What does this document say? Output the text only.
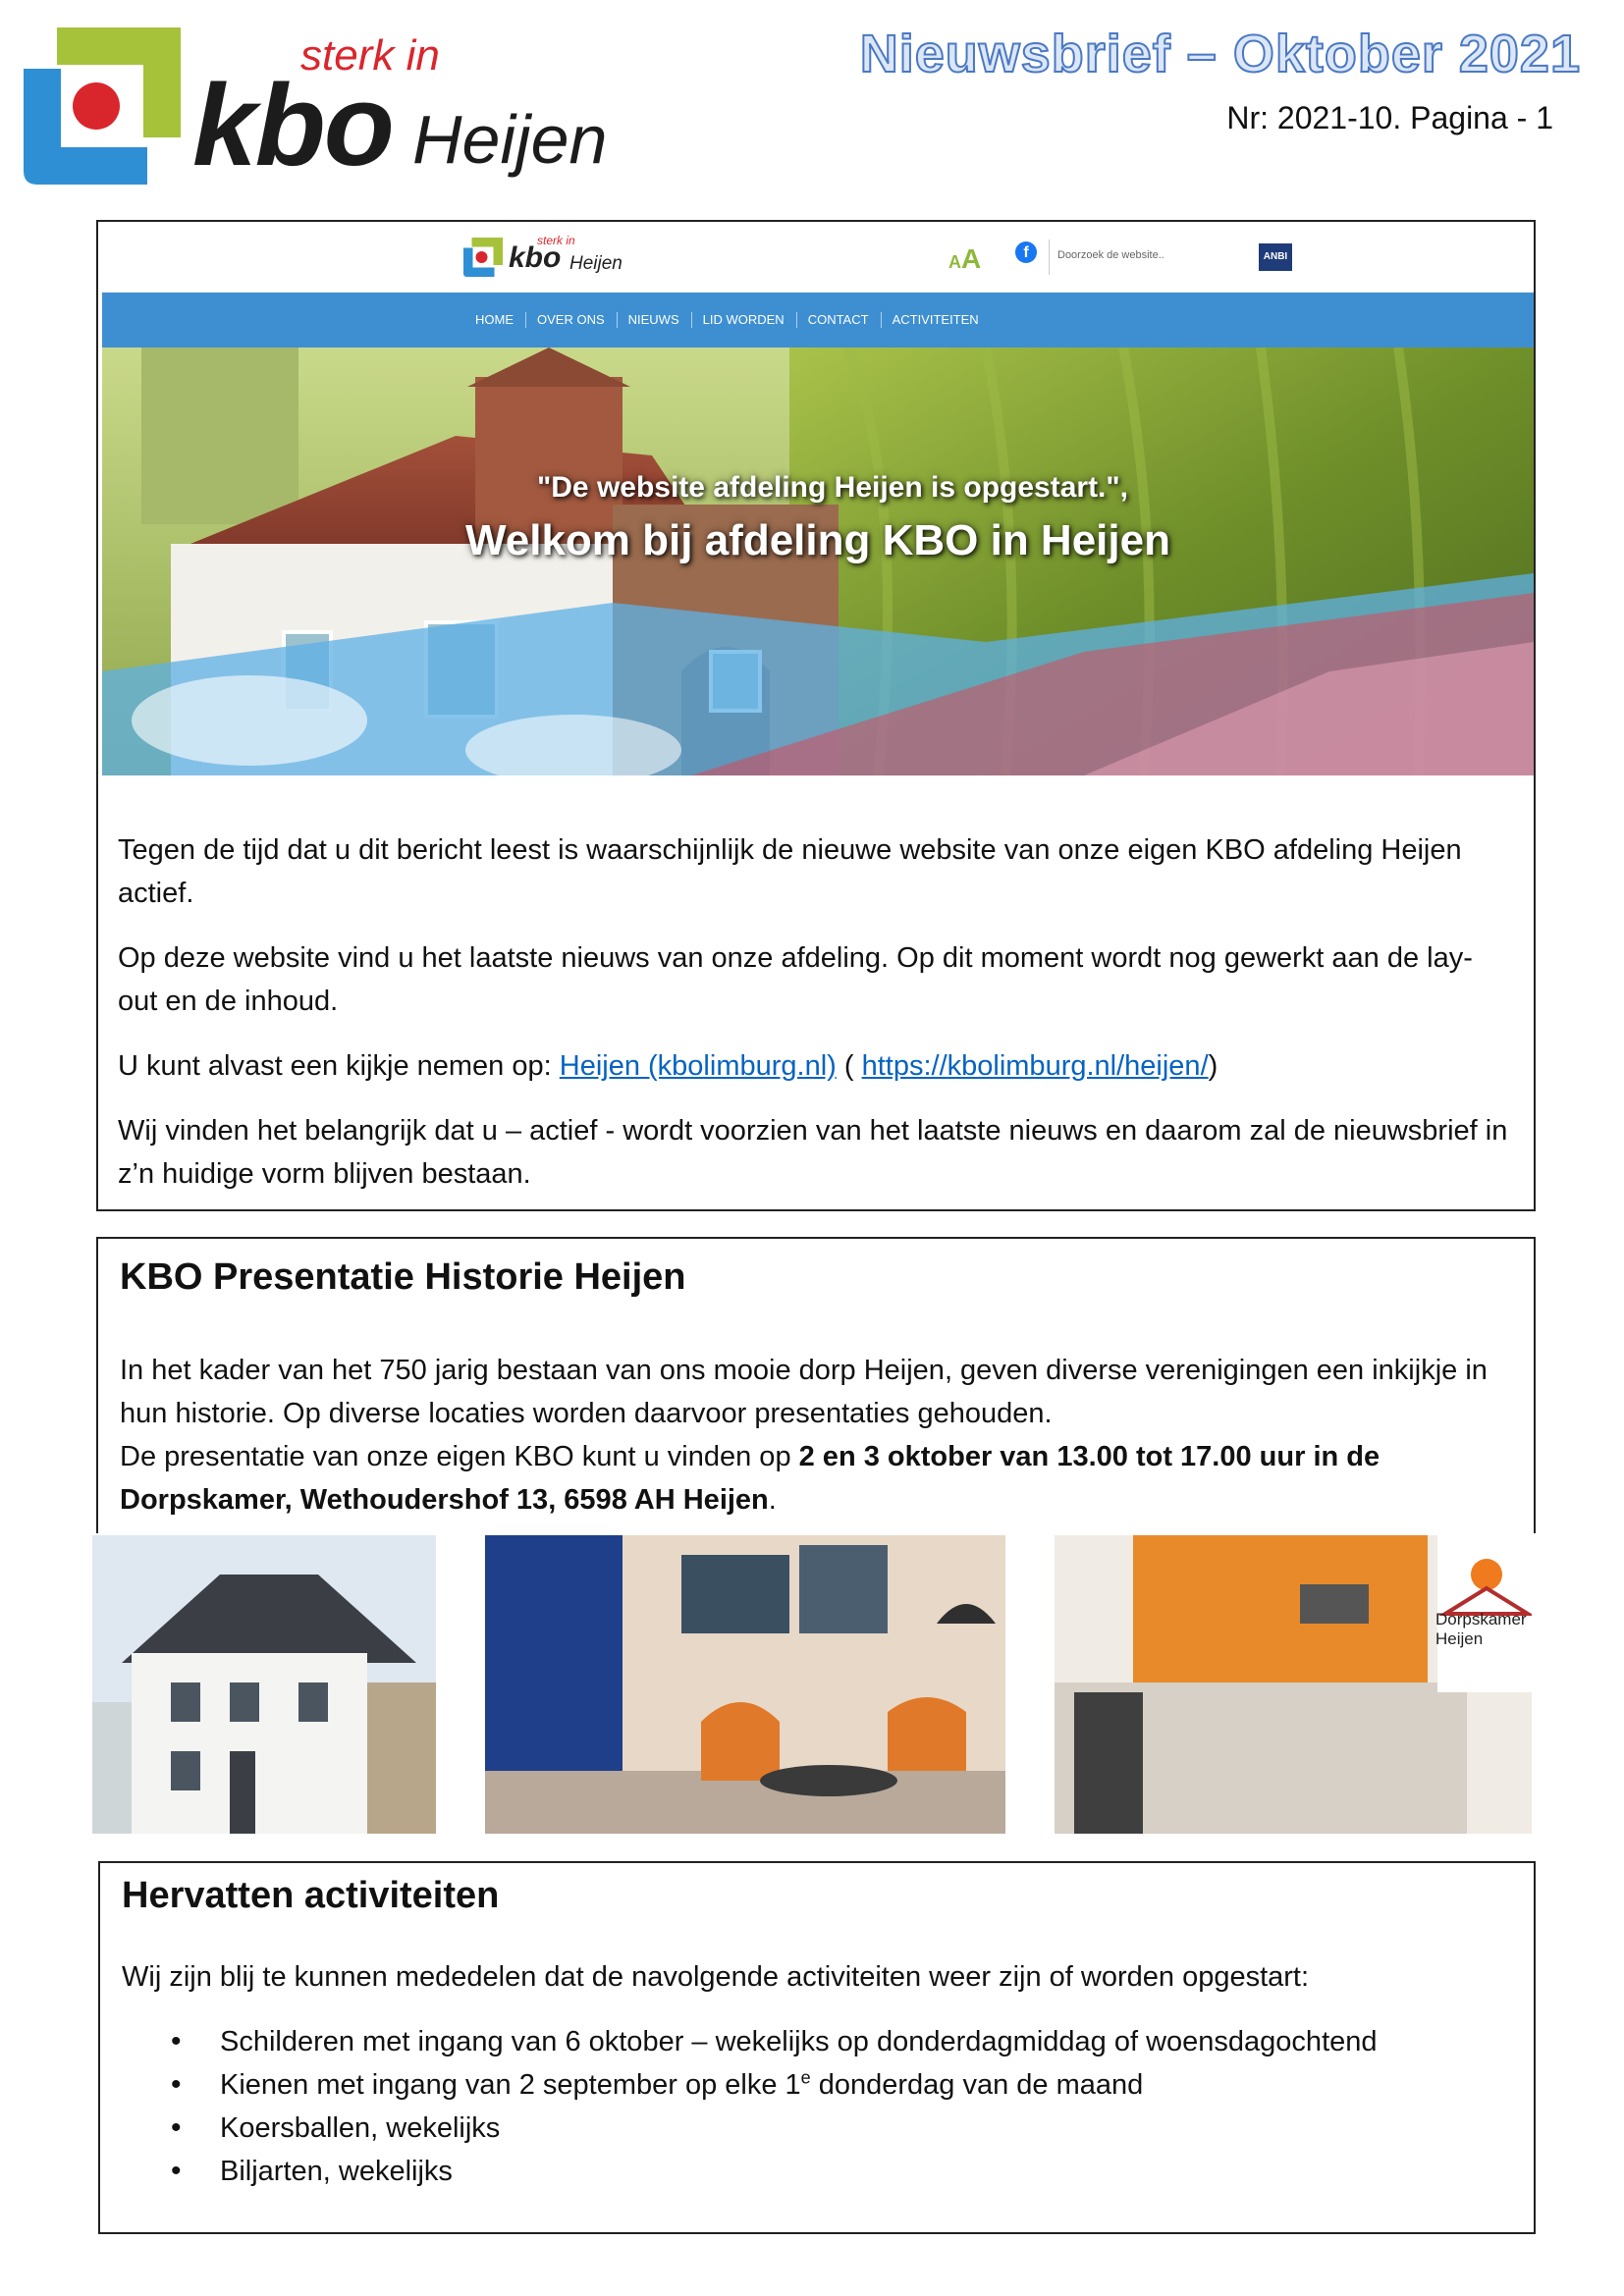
sterk in
kbo Heijen
Nieuwsbrief – Oktober 2021
Nr: 2021-10. Pagina - 1
sterk in
kbo Heijen	AA	f	Doorzoek de website..	ANBI
HOME	OVER ONS	NIEUWS	LID WORDEN	CONTACT	ACTIVITEITEN
"De website afdeling Heijen is opgestart.",
Welkom bij afdeling KBO in Heijen

Tegen de tijd dat u dit bericht leest is waarschijnlijk de nieuwe website van onze eigen KBO afdeling Heijen actief.

Op deze website vind u het laatste nieuws van onze afdeling. Op dit moment wordt nog gewerkt aan de lay-out en de inhoud.

U kunt alvast een kijkje nemen op: Heijen (kbolimburg.nl) ( https://kbolimburg.nl/heijen/)

Wij vinden het belangrijk dat u – actief - wordt voorzien van het laatste nieuws en daarom zal de nieuwsbrief in z’n huidige vorm blijven bestaan.

KBO Presentatie Historie Heijen
In het kader van het 750 jarig bestaan van ons mooie dorp Heijen, geven diverse verenigingen een inkijkje in hun historie. Op diverse locaties worden daarvoor presentaties gehouden.
De presentatie van onze eigen KBO kunt u vinden op 2 en 3 oktober van 13.00 tot 17.00 uur in de Dorpskamer, Wethoudershof 13, 6598 AH Heijen.
Dorpskamer Heijen
Hervatten activiteiten

Wij zijn blij te kunnen mededelen dat de navolgende activiteiten weer zijn of worden opgestart:

• Schilderen met ingang van 6 oktober – wekelijks op donderdagmiddag of woensdagochtend
• Kienen met ingang van 2 september op elke 1e donderdag van de maand
• Koersballen, wekelijks
• Biljarten, wekelijks
